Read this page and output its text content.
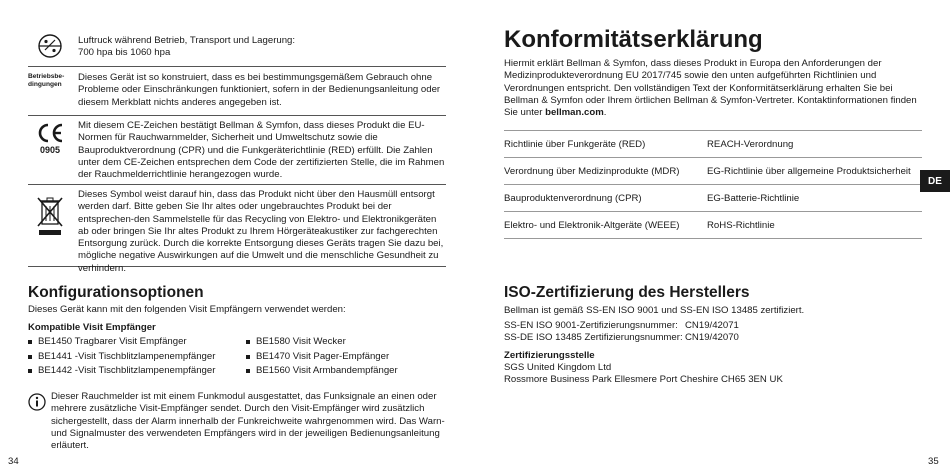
Luftruck während Betrieb, Transport und Lagerung:
700 hpa bis 1060 hpa
Betriebsbe-
dingungen
Dieses Gerät ist so konstruiert, dass es bei bestimmungsgemäßem Gebrauch ohne Probleme oder Einschränkungen funktioniert, sofern in der Bedienungsanleitung oder diesem Merkblatt nichts anderes angegeben ist.
0905
Mit diesem CE-Zeichen bestätigt Bellman & Symfon, dass dieses Produkt die EU-Normen für Rauchwarnmelder, Sicherheit und Umweltschutz sowie die Bauproduktverordnung (CPR) und die Funkgeräterichtlinie (RED) erfüllt. Die Zahlen unter dem CE-Zeichen entsprechen dem Code der zertifizierten Stelle, die im Rahmen der Rauchmelderrichtlinie herangezogen wurde.
Dieses Symbol weist darauf hin, dass das Produkt nicht über den Hausmüll entsorgt werden darf. Bitte geben Sie Ihr altes oder ungebrauchtes Produkt bei der entsprechen-den Sammelstelle für das Recycling von Elektro- und Elektronikgeräten ab oder bringen Sie Ihr altes Produkt zu Ihrem Hörgeräteakustiker zur fachgerechten Entsorgung zurück. Durch die korrekte Entsorgung dieses Geräts tragen Sie dazu bei, mögliche negative Auswirkungen auf die Umwelt und die menschliche Gesundheit zu verhindern.
Konfigurationsoptionen
Dieses Gerät kann mit den folgenden Visit Empfängern verwendet werden:
Kompatible Visit Empfänger
BE1450 Tragbarer Visit Empfänger
BE1441 -Visit Tischblitzlampenempfänger
BE1442 -Visit Tischblitzlampenempfänger
BE1580 Visit Wecker
BE1470 Visit Pager-Empfänger
BE1560 Visit Armbandempfänger
Dieser Rauchmelder ist mit einem Funkmodul ausgestattet, das Funksignale an einen oder mehrere zusätzliche Visit-Empfänger sendet. Durch den Visit-Empfänger wird zusätzlich sichergestellt, dass der Alarm innerhalb der Funkreichweite wahrgenommen wird. Das Warn- und Signalmuster des verwendeten Empfängers wird in der jeweiligen Bedienungsanleitung erläutert.
34
Konformitätserklärung
Hiermit erklärt Bellman & Symfon, dass dieses Produkt in Europa den Anforderungen der Medizinprodukteverordnung EU 2017/745 sowie den unten aufgeführten Richtlinien und Verordnungen entspricht. Den vollständigen Text der Konformitätserklärung erhalten Sie bei Bellman & Symfon oder Ihrem örtlichen Bellman & Symfon-Vertreter. Kontaktinformationen finden Sie unter bellman.com.
Richtlinie über Funkgeräte (RED)	REACH-Verordnung
Verordnung über Medizinprodukte (MDR)	EG-Richtlinie über allgemeine Produktsicherheit
Bauproduktenverordnung (CPR)	EG-Batterie-Richtlinie
Elektro- und Elektronik-Altgeräte (WEEE)	RoHS-Richtlinie
DE
ISO-Zertifizierung des Herstellers
Bellman ist gemäß SS-EN ISO 9001 und SS-EN ISO 13485 zertifiziert.
SS-EN ISO 9001-Zertifizierungsnummer: CN19/42071
SS-DE ISO 13485 Zertifizierungsnummer: CN19/42070
Zertifizierungsstelle
SGS United Kingdom Ltd
Rossmore Business Park Ellesmere Port Cheshire CH65 3EN UK
35
